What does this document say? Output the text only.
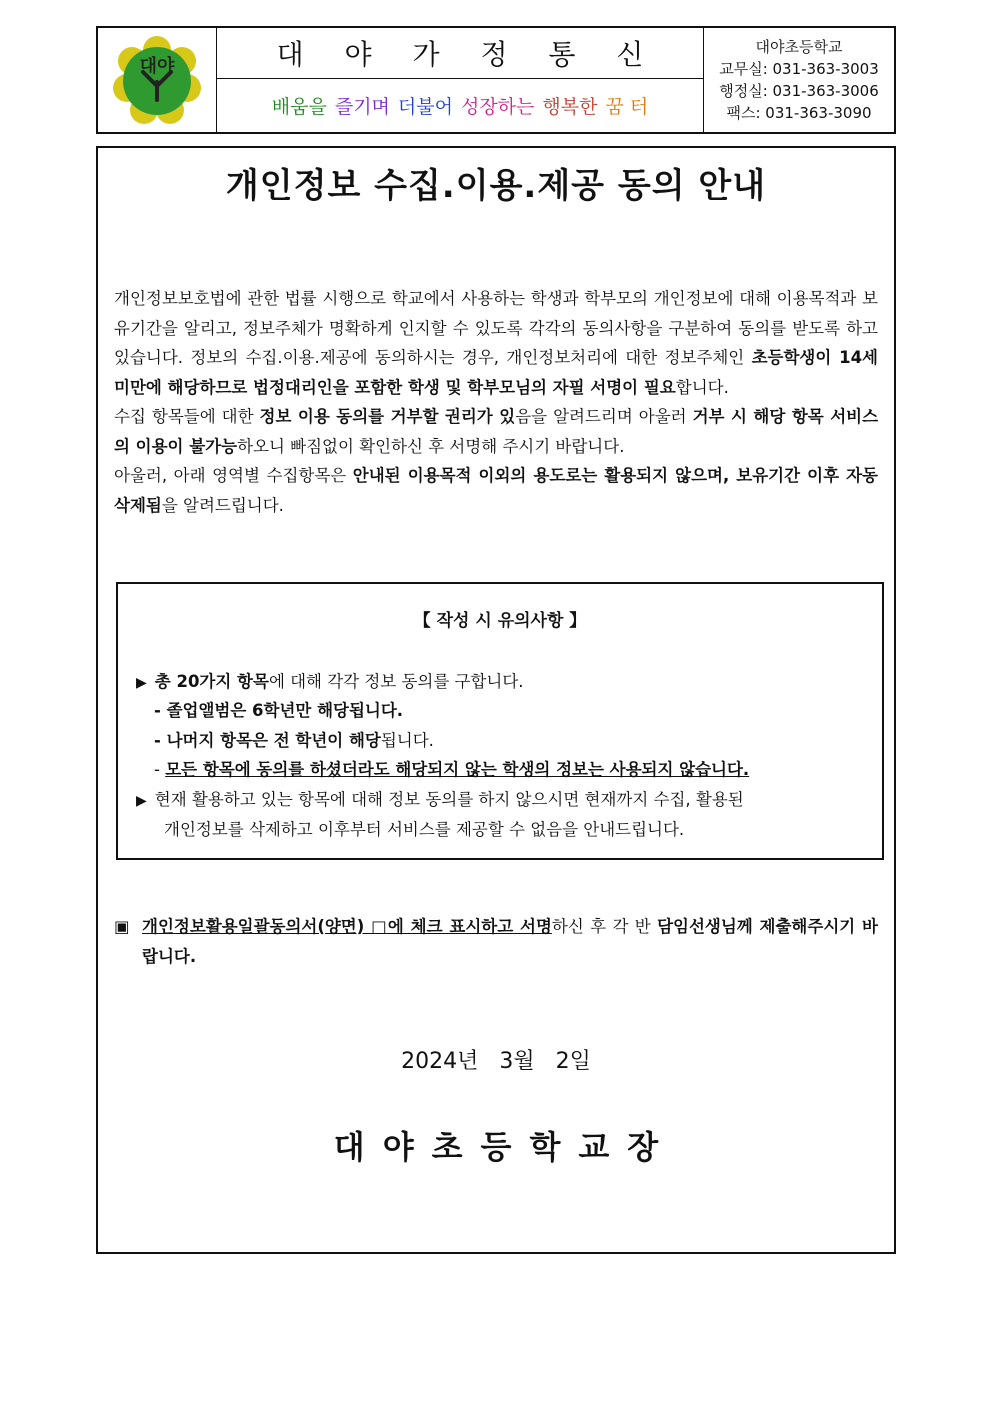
대야	대 야 가 정 통 신
배움을 즐기며 더불어 성장하는 행복한 꿈 터
대야초등학교
교무실: 031-363-3003
행정실: 031-363-3006
팩스: 031-363-3090
개인정보 수집.이용.제공 동의 안내

개인정보보호법에 관한 법률 시행으로 학교에서 사용하는 학생과 학부모의 개인정보에 대해 이용목적과 보유기간을 알리고, 정보주체가 명확하게 인지할 수 있도록 각각의 동의사항을 구분하여 동의를 받도록 하고 있습니다. 정보의 수집.이용.제공에 동의하시는 경우, 개인정보처리에 대한 정보주체인 초등학생이 14세 미만에 해당하므로 법정대리인을 포함한 학생 및 학부모님의 자필 서명이 필요합니다.

수집 항목들에 대한 정보 이용 동의를 거부할 권리가 있음을 알려드리며 아울러 거부 시 해당 항목 서비스의 이용이 불가능하오니 빠짐없이 확인하신 후 서명해 주시기 바랍니다.

아울러, 아래 영역별 수집항목은 안내된 이용목적 이외의 용도로는 활용되지 않으며, 보유기간 이후 자동 삭제됨을 알려드립니다.

【 작성 시 유의사항 】
▶ 총 20가지 항목에 대해 각각 정보 동의를 구합니다.
- 졸업앨범은 6학년만 해당됩니다.
- 나머지 항목은 전 학년이 해당됩니다.
- 모든 항목에 동의를 하셨더라도 해당되지 않는 학생의 정보는 사용되지 않습니다.
▶ 현재 활용하고 있는 항목에 대해 정보 동의를 하지 않으시면 현재까지 수집, 활용된
개인정보를 삭제하고 이후부터 서비스를 제공할 수 없음을 안내드립니다.
▣ 개인정보활용일괄동의서(양면) □에 체크 표시하고 서명하신 후 각 반 담임선생님께 제출해주시기 바랍니다.
2024년   3월   2일
대야초등학교장
